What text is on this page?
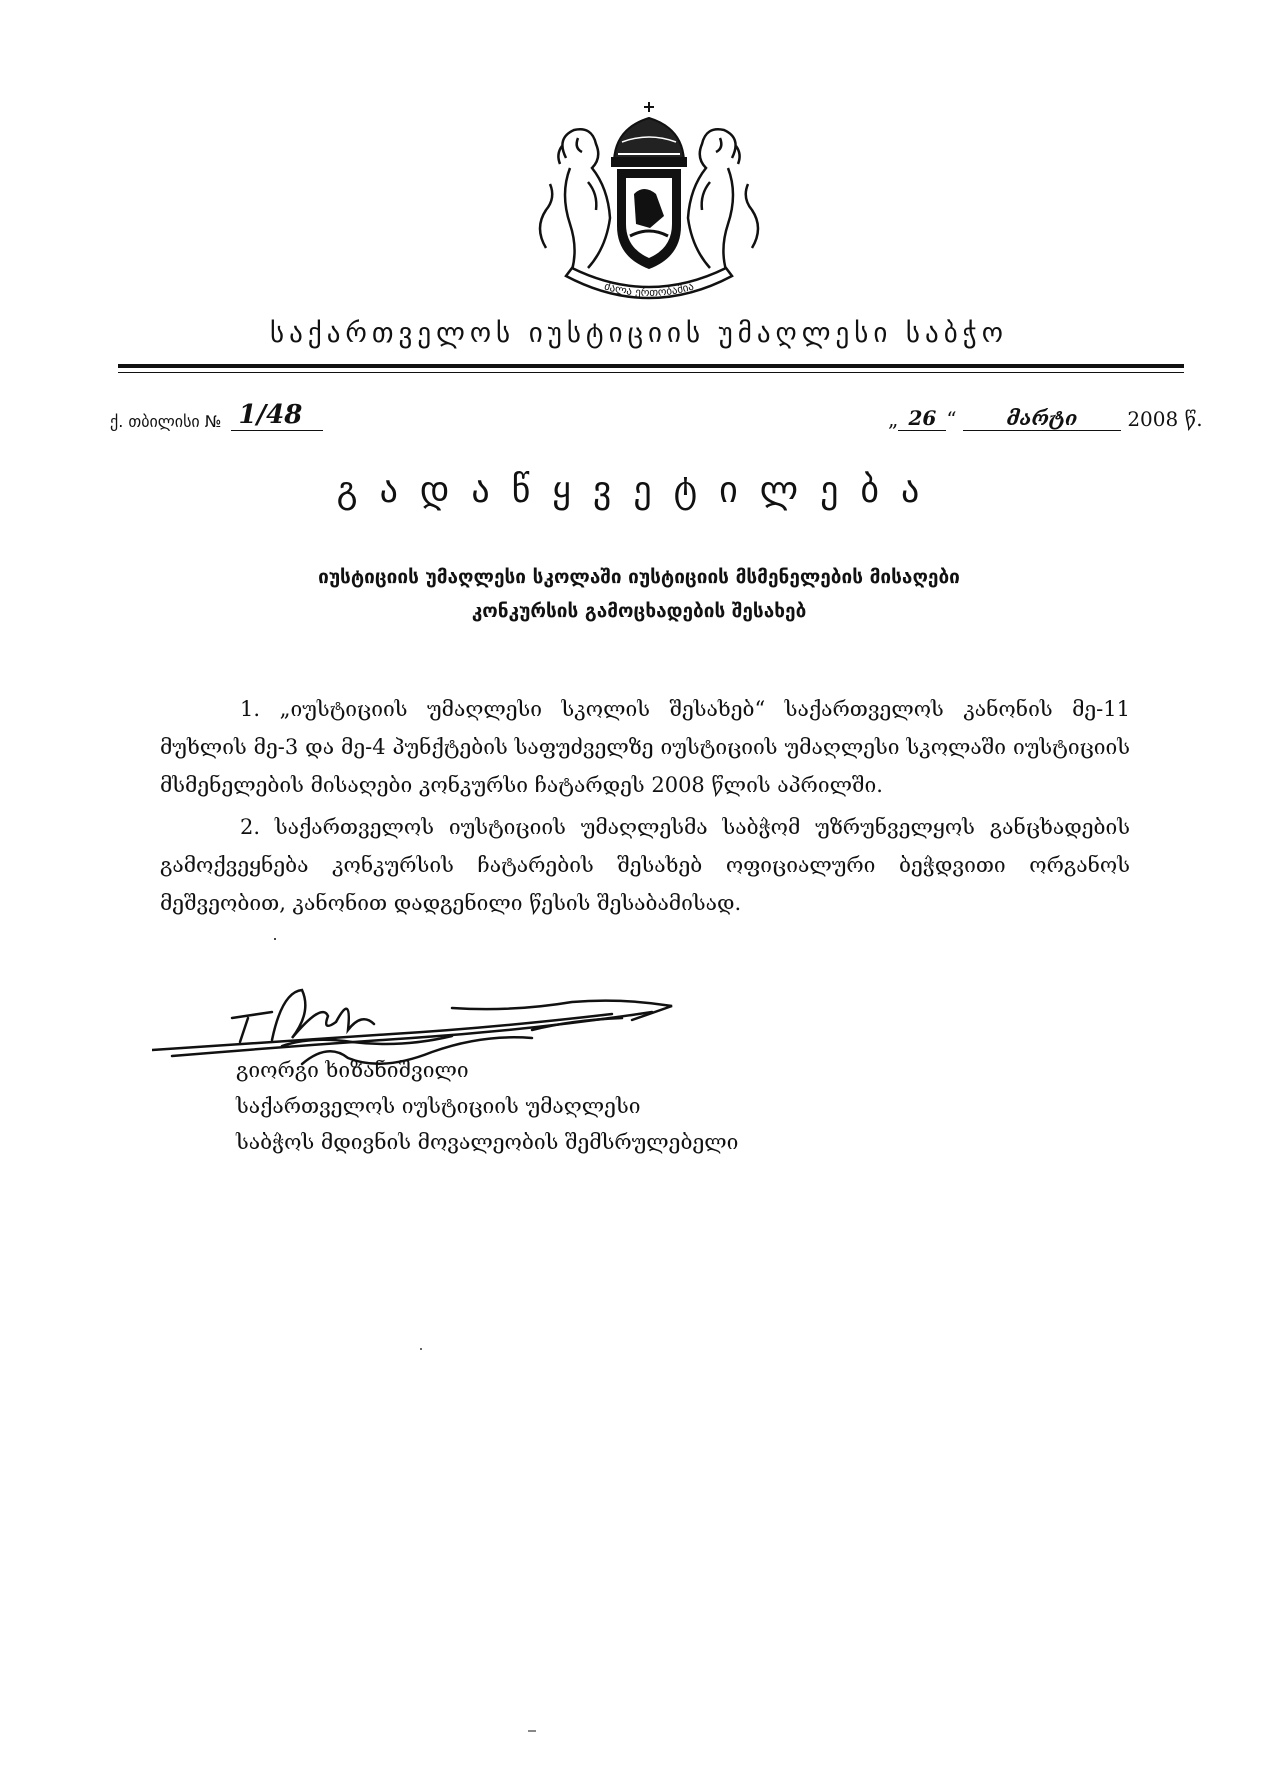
ძალა ერთობაშია
საქართველოს იუსტიციის უმაღლესი საბჭო
ქ. თბილისი № 1/48	„ 26 “ მარტი 2008 წ.
გადაწყვეტილება
იუსტიციის უმაღლესი სკოლაში იუსტიციის მსმენელების მისაღები
კონკურსის გამოცხადების შესახებ

1. „იუსტიციის უმაღლესი სკოლის შესახებ“ საქართველოს კანონის მე-11 მუხლის მე-3 და მე-4 პუნქტების საფუძველზე იუსტიციის უმაღლესი სკოლაში იუსტიციის მსმენელების მისაღები კონკურსი ჩატარდეს 2008 წლის აპრილში.

2. საქართველოს იუსტიციის უმაღლესმა საბჭომ უზრუნველყოს განცხადების გამოქვეყნება კონკურსის ჩატარების შესახებ ოფიციალური ბეჭდვითი ორგანოს მეშვეობით, კანონით დადგენილი წესის შესაბამისად.

გიორგი ხიზანიშვილი
საქართველოს იუსტიციის უმაღლესი
საბჭოს მდივნის მოვალეობის შემსრულებელი
